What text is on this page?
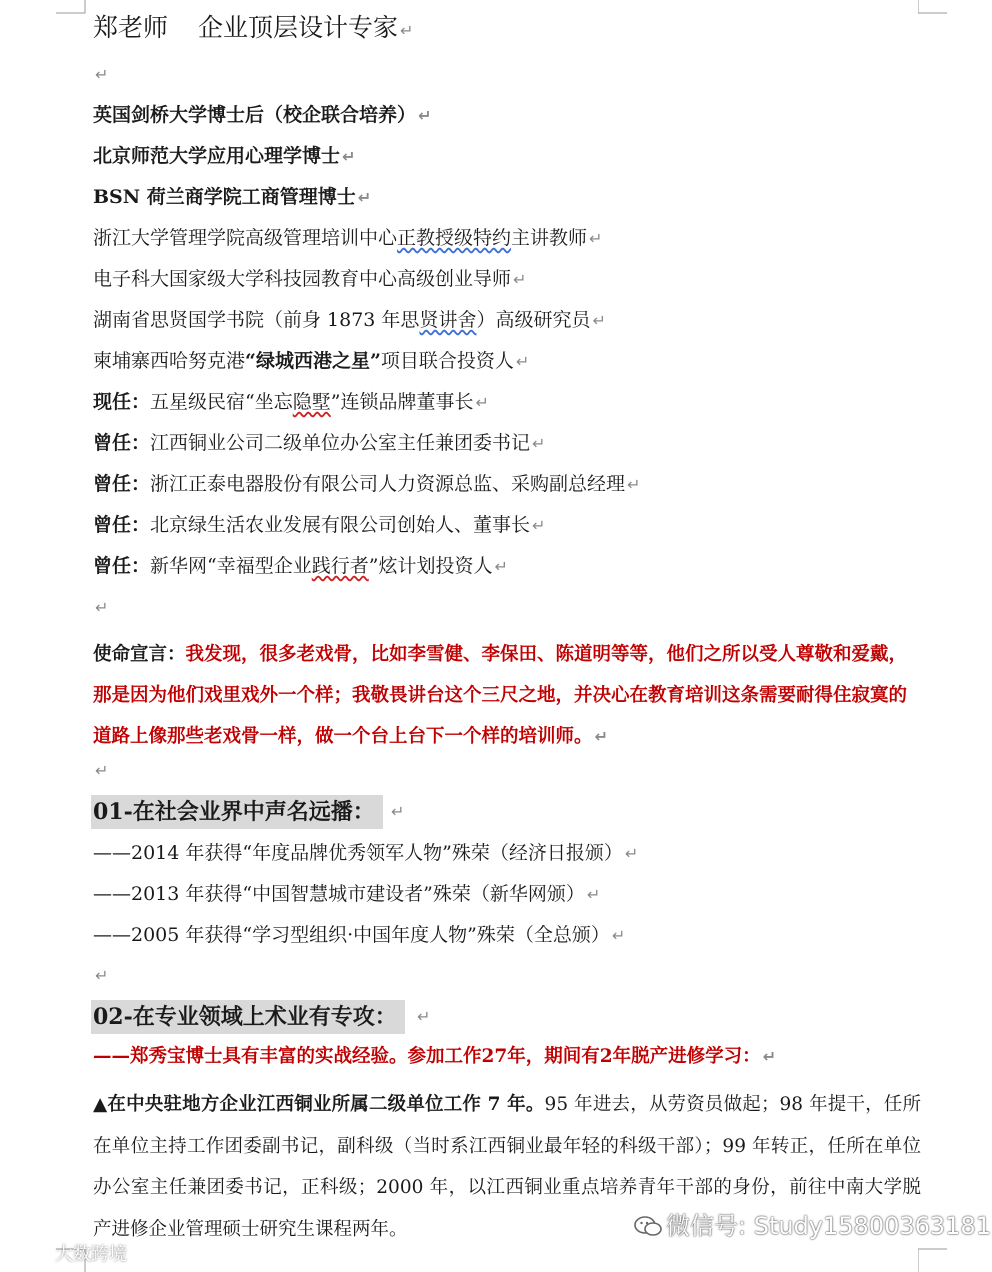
郑老师 企业顶层设计专家 ↵
↵
英国剑桥大学博士后（校企联合培养） ↵
北京师范大学应用心理学博士 ↵
BSN 荷兰商学院工商管理博士 ↵
浙江大学管理学院高级管理培训中心正教授级特约主讲教师 ↵
电子科大国家级大学科技园教育中心高级创业导师 ↵
湖南省思贤国学书院（前身 1873 年思贤讲舍）高级研究员 ↵
柬埔寨西哈努克港“绿城西港之星”项目联合投资人 ↵
现任：五星级民宿“坐忘隐墅”连锁品牌董事长 ↵
曾任：江西铜业公司二级单位办公室主任兼团委书记 ↵
曾任：浙江正泰电器股份有限公司人力资源总监、采购副总经理 ↵
曾任：北京绿生活农业发展有限公司创始人、董事长 ↵
曾任：新华网“幸福型企业践行者”炫计划投资人 ↵
↵
使命宣言：我发现，很多老戏骨，比如李雪健、李保田、陈道明等等，他们之所以受人尊敬和爱戴，那是因为他们戏里戏外一个样；我敬畏讲台这个三尺之地，并决心在教育培训这条需要耐得住寂寞的道路上像那些老戏骨一样，做一个台上台下一个样的培训师。 ↵
↵
01-在社会业界中声名远播：	↵
——2014 年获得“年度品牌优秀领军人物”殊荣（经济日报颁） ↵
——2013 年获得“中国智慧城市建设者”殊荣（新华网颁） ↵
——2005 年获得“学习型组织·中国年度人物”殊荣（全总颁） ↵
↵
02-在专业领域上术业有专攻：	↵
——郑秀宝博士具有丰富的实战经验。参加工作27年，期间有2年脱产进修学习： ↵
▲在中央驻地方企业江西铜业所属二级单位工作 7 年。95 年进去，从劳资员做起；98 年提干，任所在单位主持工作团委副书记，副科级（当时系江西铜业最年轻的科级干部）；99 年转正，任所在单位办公室主任兼团委书记，正科级；2000 年，以江西铜业重点培养青年干部的身份，前往中南大学脱产进修企业管理硕士研究生课程两年。	微信号: Study15800363181
大数跨境
